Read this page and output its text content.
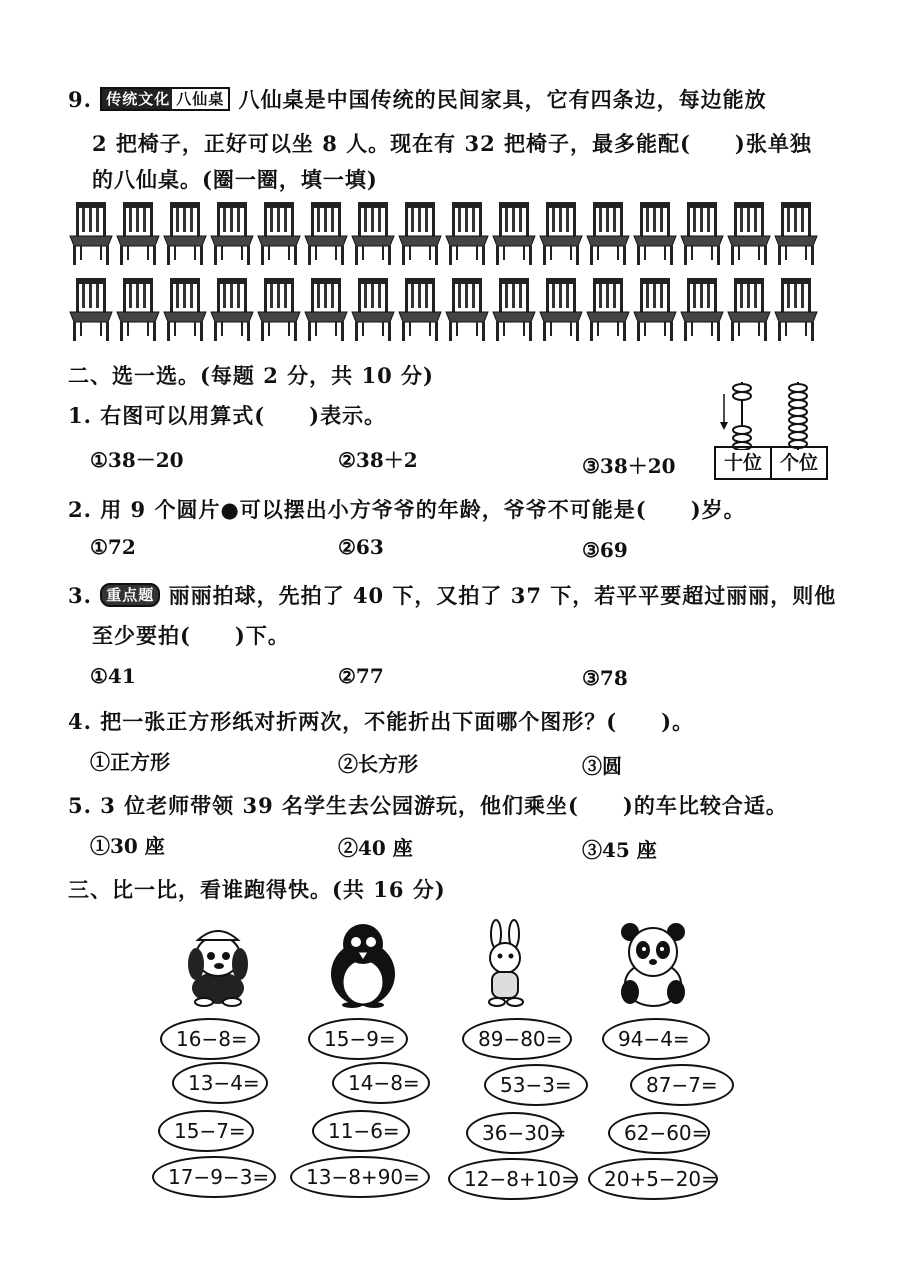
9. 传统文化 八仙桌 八仙桌是中国传统的民间家具，它有四条边，每边能放
2 把椅子，正好可以坐 8 人。现在有 32 把椅子，最多能配(　　)张单独
的八仙桌。(圈一圈，填一填)
二、选一选。(每题 2 分，共 10 分)
十位 个位
1. 右图可以用算式(　　)表示。
①38－20	②38＋2	③38＋20
2. 用 9 个圆片●可以摆出小方爷爷的年龄，爷爷不可能是(　　)岁。
①72	②63	③69
3. 重点题 丽丽拍球，先拍了 40 下，又拍了 37 下，若平平要超过丽丽，则他
至少要拍(　　)下。
①41	②77	③78
4. 把一张正方形纸对折两次，不能折出下面哪个图形？(　　)。
①正方形	②长方形	③圆
5. 3 位老师带领 39 名学生去公园游玩，他们乘坐(　　)的车比较合适。
①30 座	②40 座	③45 座
三、比一比，看谁跑得快。(共 16 分)
16−8=
13−4=
15−7=
17−9−3=
15−9=
14−8=
11−6=
13−8+90=
89−80=
53−3=
36−30=
12−8+10=
94−4=
87−7=
62−60=
20+5−20=
